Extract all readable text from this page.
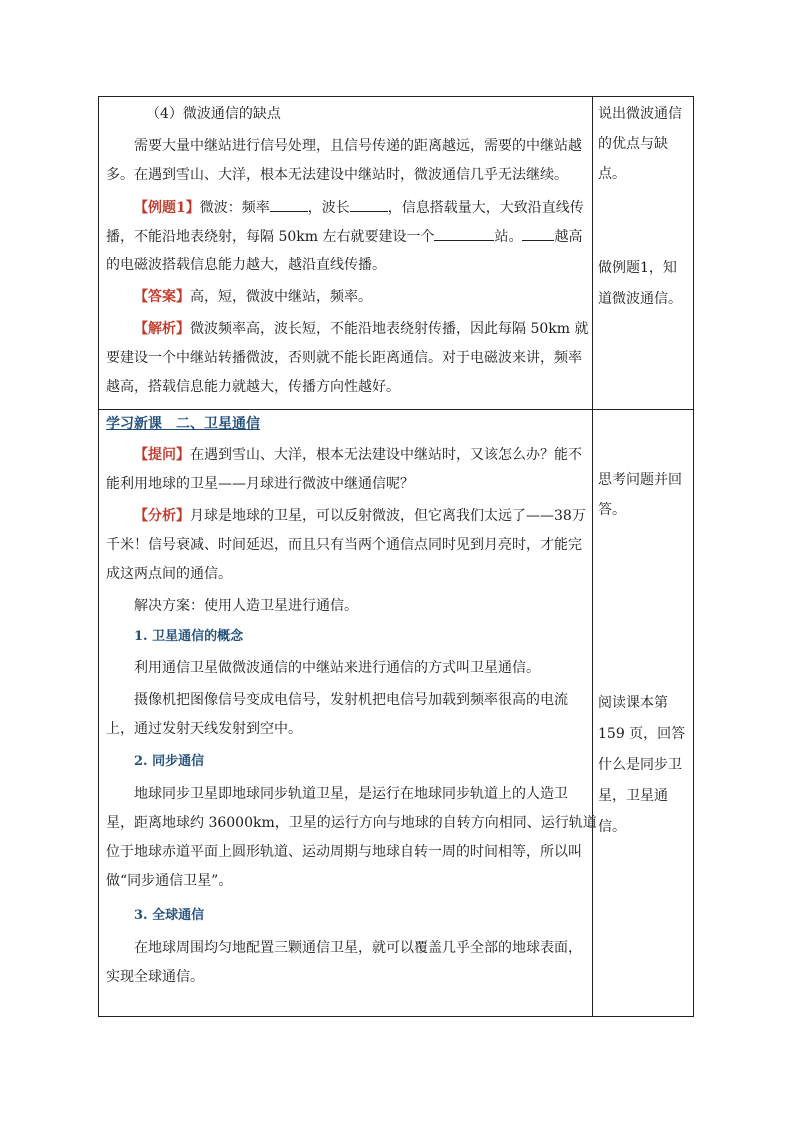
（4）微波通信的缺点
需要大量中继站进行信号处理，且信号传递的距离越远，需要的中继站越
多。在遇到雪山、大洋，根本无法建设中继站时，微波通信几乎无法继续。
【例题1】微波：频率	，波长	，信息搭载量大，大致沿直线传
播，不能沿地表绕射，每隔 50km 左右就要建设一个	站。 越高
的电磁波搭载信息能力越大，越沿直线传播。
【答案】高，短，微波中继站，频率。
【解析】微波频率高，波长短，不能沿地表绕射传播，因此每隔 50km 就
要建设一个中继站转播微波，否则就不能长距离通信。对于电磁波来讲，频率
越高，搭载信息能力就越大，传播方向性越好。
说出微波通信
的优点与缺
点。
做例题1，知
道微波通信。
学习新课　二、卫星通信
【提问】在遇到雪山、大洋，根本无法建设中继站时，又该怎么办？能不
能利用地球的卫星——月球进行微波中继通信呢？
【分析】月球是地球的卫星，可以反射微波，但它离我们太远了——38万
千米！信号衰减、时间延迟，而且只有当两个通信点同时见到月亮时，才能完
成这两点间的通信。
解决方案：使用人造卫星进行通信。
1. 卫星通信的概念
利用通信卫星做微波通信的中继站来进行通信的方式叫卫星通信。
摄像机把图像信号变成电信号，发射机把电信号加载到频率很高的电流
上，通过发射天线发射到空中。
2. 同步通信
地球同步卫星即地球同步轨道卫星，是运行在地球同步轨道上的人造卫
星，距离地球约 36000km，卫星的运行方向与地球的自转方向相同、运行轨道
位于地球赤道平面上圆形轨道、运动周期与地球自转一周的时间相等，所以叫
做“同步通信卫星”。
3. 全球通信
在地球周围均匀地配置三颗通信卫星，就可以覆盖几乎全部的地球表面，
实现全球通信。
思考问题并回
答。
阅读课本第
159 页，回答
什么是同步卫
星，卫星通
信。
